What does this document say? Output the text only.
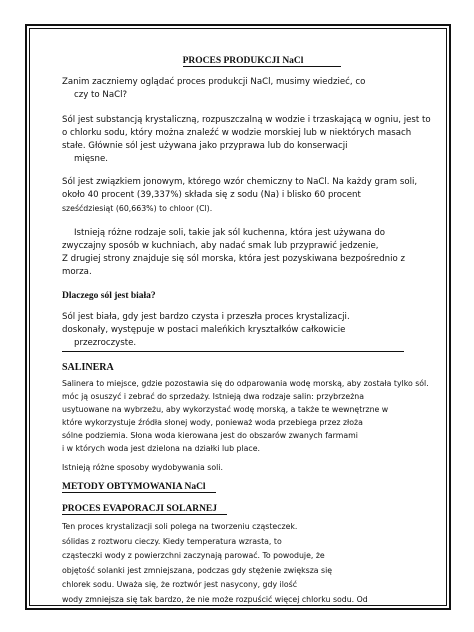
PROCES PRODUKCJI NaCl
Zanim zaczniemy oglądać proces produkcji NaCl, musimy wiedzieć, co
czy to NaCl?
Sól jest substancją krystaliczną, rozpuszczalną w wodzie i trzaskającą w ogniu, jest to
o chlorku sodu, który można znaleźć w wodzie morskiej lub w niektórych masach
stałe. Głównie sól jest używana jako przyprawa lub do konserwacji
mięsne.
Sól jest związkiem jonowym, którego wzór chemiczny to NaCl. Na każdy gram soli,
około 40 procent (39,337%) składa się z sodu (Na) i blisko 60 procent
sześćdziesiąt (60,663%) to chloor (Cl).
Istnieją różne rodzaje soli, takie jak sól kuchenna, która jest używana do
zwyczajny sposób w kuchniach, aby nadać smak lub przyprawić jedzenie,
Z drugiej strony znajduje się sól morska, która jest pozyskiwana bezpośrednio z
morza.
Dlaczego sól jest biała?
Sól jest biała, gdy jest bardzo czysta i przeszła proces krystalizacji.
doskonały, występuje w postaci maleńkich kryształków całkowicie
przezroczyste.
SALINERA
Salinera to miejsce, gdzie pozostawia się do odparowania wodę morską, aby została tylko sól.
móc ją osuszyć i zebrać do sprzedaży. Istnieją dwa rodzaje salin: przybrzeżna
usytuowane na wybrzeżu, aby wykorzystać wodę morską, a także te wewnętrzne w
które wykorzystuje źródła słonej wody, ponieważ woda przebiega przez złoża
sólne podziemia. Słona woda kierowana jest do obszarów zwanych farmami
i w których woda jest dzielona na działki lub place.
Istnieją różne sposoby wydobywania soli.
METODY OBTYMOWANIA NaCl
PROCES EVAPORACJI SOLARNEJ
Ten proces krystalizacji soli polega na tworzeniu cząsteczek.
sólidas z roztworu cieczy. Kiedy temperatura wzrasta, to
cząsteczki wody z powierzchni zaczynają parować. To powoduje, że
objętość solanki jest zmniejszana, podczas gdy stężenie zwiększa się
chlorek sodu. Uważa się, że roztwór jest nasycony, gdy ilość
wody zmniejsza się tak bardzo, że nie może rozpuścić więcej chlorku sodu. Od
